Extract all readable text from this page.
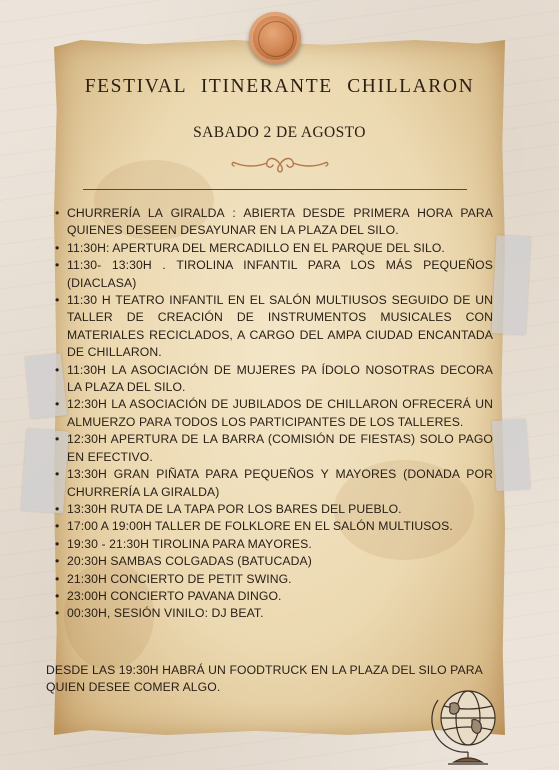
FESTIVAL ITINERANTE CHILLARON
SABADO 2 DE AGOSTO
• CHURRERÍA LA GIRALDA : ABIERTA DESDE PRIMERA HORA PARA QUIENES DESEEN DESAYUNAR EN LA PLAZA DEL SILO.
• 11:30H: APERTURA DEL MERCADILLO EN EL PARQUE DEL SILO.
• 11:30- 13:30H . TIROLINA INFANTIL PARA LOS MÁS PEQUEÑOS (DIACLASA)
• 11:30 H TEATRO INFANTIL EN EL SALÓN MULTIUSOS SEGUIDO DE UN TALLER DE CREACIÓN DE INSTRUMENTOS MUSICALES CON MATERIALES RECICLADOS, A CARGO DEL AMPA CIUDAD ENCANTADA DE CHILLARON.
• 11:30H LA ASOCIACIÓN DE MUJERES PA ÍDOLO NOSOTRAS DECORA LA PLAZA DEL SILO.
• 12:30H LA ASOCIACIÓN DE JUBILADOS DE CHILLARON OFRECERÁ UN ALMUERZO PARA TODOS LOS PARTICIPANTES DE LOS TALLERES.
• 12:30H APERTURA DE LA BARRA (COMISIÓN DE FIESTAS) SOLO PAGO EN EFECTIVO.
• 13:30H GRAN PIÑATA PARA PEQUEÑOS Y MAYORES (DONADA POR CHURRERÍA LA GIRALDA)
• 13:30H RUTA DE LA TAPA POR LOS BARES DEL PUEBLO.
• 17:00 A 19:00H TALLER DE FOLKLORE EN EL SALÓN MULTIUSOS.
• 19:30 - 21:30H TIROLINA PARA MAYORES.
• 20:30H SAMBAS COLGADAS (BATUCADA)
• 21:30H CONCIERTO DE PETIT SWING.
• 23:00H CONCIERTO PAVANA DINGO.
• 00:30H, SESIÓN VINILO: DJ BEAT.
DESDE LAS 19:30H HABRÁ UN FOODTRUCK EN LA PLAZA DEL SILO PARA QUIEN DESEE COMER ALGO.
